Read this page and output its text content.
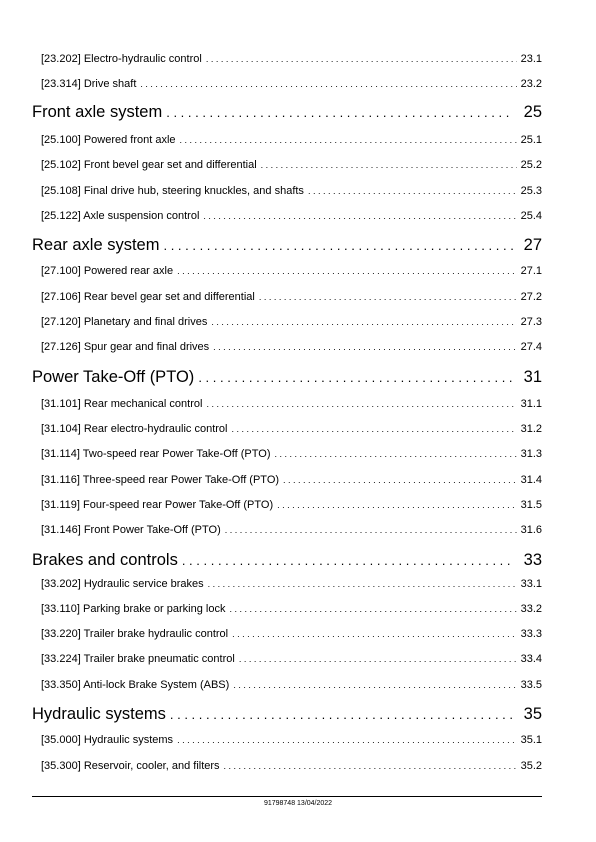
[23.202] Electro-hydraulic control . . .	23.1
[23.314] Drive shaft . . .	23.2
Front axle system . . .	25
[25.100] Powered front axle . . .	25.1
[25.102] Front bevel gear set and differential . . .	25.2
[25.108] Final drive hub, steering knuckles, and shafts . . .	25.3
[25.122] Axle suspension control . . .	25.4
Rear axle system . . .	27
[27.100] Powered rear axle . . .	27.1
[27.106] Rear bevel gear set and differential . . .	27.2
[27.120] Planetary and final drives . . .	27.3
[27.126] Spur gear and final drives . . .	27.4
Power Take-Off (PTO) . . .	31
[31.101] Rear mechanical control . . .	31.1
[31.104] Rear electro-hydraulic control . . .	31.2
[31.114] Two-speed rear Power Take-Off (PTO) . . .	31.3
[31.116] Three-speed rear Power Take-Off (PTO) . . .	31.4
[31.119] Four-speed rear Power Take-Off (PTO) . . .	31.5
[31.146] Front Power Take-Off (PTO) . . .	31.6
Brakes and controls . . .	33
[33.202] Hydraulic service brakes . . .	33.1
[33.110] Parking brake or parking lock . . .	33.2
[33.220] Trailer brake hydraulic control . . .	33.3
[33.224] Trailer brake pneumatic control . . .	33.4
[33.350] Anti-lock Brake System (ABS) . . .	33.5
Hydraulic systems . . .	35
[35.000] Hydraulic systems . . .	35.1
[35.300] Reservoir, cooler, and filters . . .	35.2
91798748 13/04/2022
